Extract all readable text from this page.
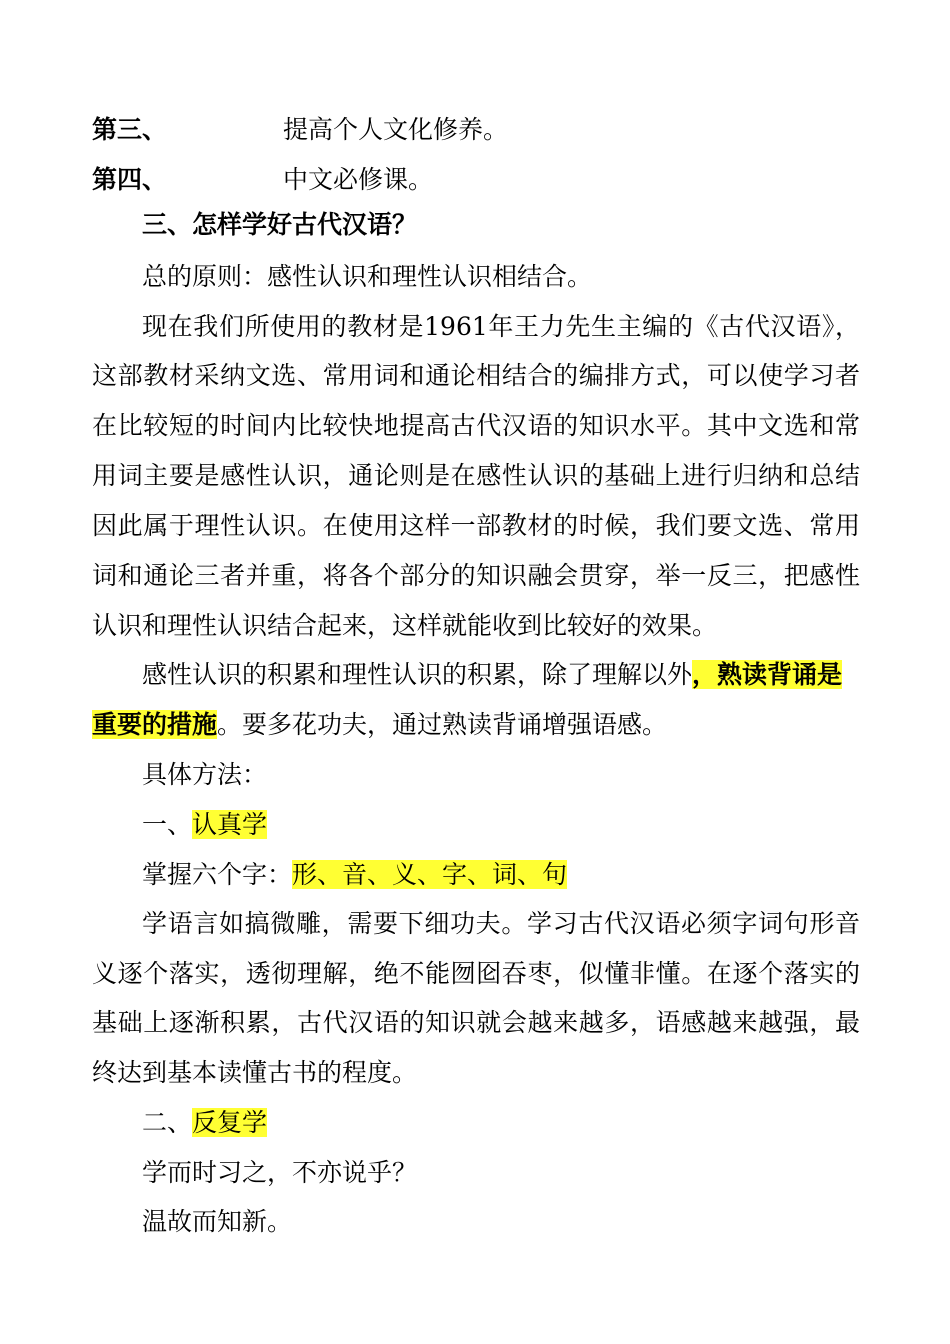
第三、	提高个人文化修养。
第四、	中文必修课。
三、怎样学好古代汉语？
总的原则：感性认识和理性认识相结合。
现在我们所使用的教材是1961年王力先生主编的《古代汉语》，
这部教材采纳文选、常用词和通论相结合的编排方式，可以使学习者
在比较短的时间内比较快地提高古代汉语的知识水平。其中文选和常
用词主要是感性认识，通论则是在感性认识的基础上进行归纳和总结
因此属于理性认识。在使用这样一部教材的时候，我们要文选、常用
词和通论三者并重，将各个部分的知识融会贯穿，举一反三，把感性
认识和理性认识结合起来，这样就能收到比较好的效果。
感性认识的积累和理性认识的积累，除了理解以外，熟读背诵是
重要的措施。要多花功夫，通过熟读背诵增强语感。
具体方法：
一、认真学
掌握六个字：形、音、义、字、词、句
学语言如搞微雕，需要下细功夫。学习古代汉语必须字词句形音
义逐个落实，透彻理解，绝不能囫囵吞枣，似懂非懂。在逐个落实的
基础上逐渐积累，古代汉语的知识就会越来越多，语感越来越强，最
终达到基本读懂古书的程度。
二、反复学
学而时习之，不亦说乎？
温故而知新。
